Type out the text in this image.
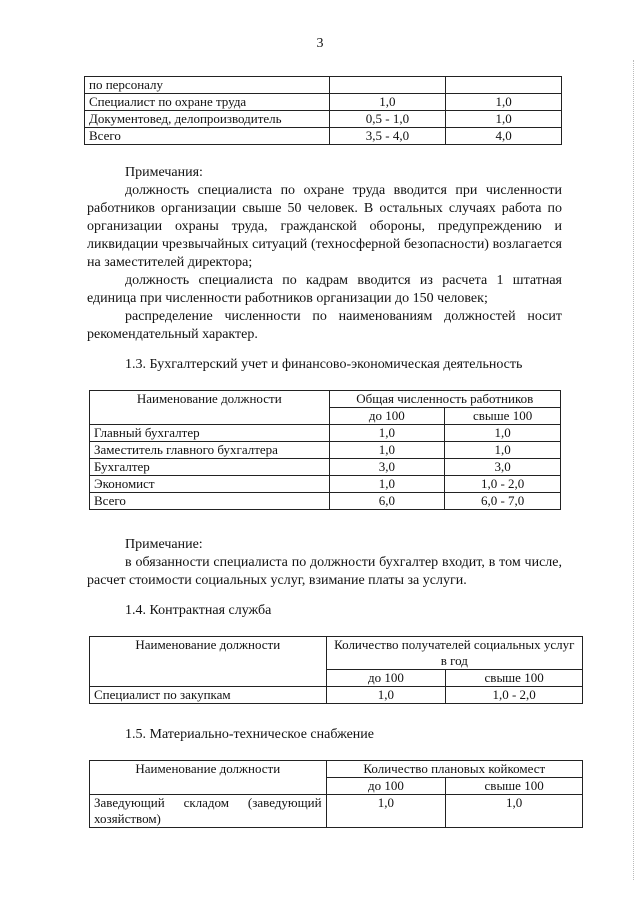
3
по персоналу		
Специалист по охране труда	1,0	1,0
Документовед, делопроизводитель	0,5 - 1,0	1,0
Всего	3,5 - 4,0	4,0

Примечания:

должность специалиста по охране труда вводится при численности работников организации свыше 50 человек. В остальных случаях работа по организации охраны труда, гражданской обороны, предупреждению и ликвидации чрезвычайных ситуаций (техносферной безопасности) возлагается на заместителей директора;

должность специалиста по кадрам вводится из расчета 1 штатная единица при численности работников организации до 150 человек;

распределение численности по наименованиям должностей носит рекомендательный характер.

1.3. Бухгалтерский учет и финансово-экономическая деятельность

Наименование должности	Общая численность работников	
	до 100	свыше 100
Главный бухгалтер	1,0	1,0
Заместитель главного бухгалтера	1,0	1,0
Бухгалтер	3,0	3,0
Экономист	1,0	1,0 - 2,0
Всего	6,0	6,0 - 7,0

Примечание:

в обязанности специалиста по должности бухгалтер входит, в том числе, расчет стоимости социальных услуг, взимание платы за услуги.

1.4. Контрактная служба

Наименование должности	Количество получателей социальных услуг в год	
	до 100	свыше 100
Специалист по закупкам	1,0	1,0 - 2,0

1.5. Материально-техническое снабжение

Наименование должности	Количество плановых койкомест	
	до 100	свыше 100
Заведующий складом (заведующий хозяйством)	1,0	1,0
